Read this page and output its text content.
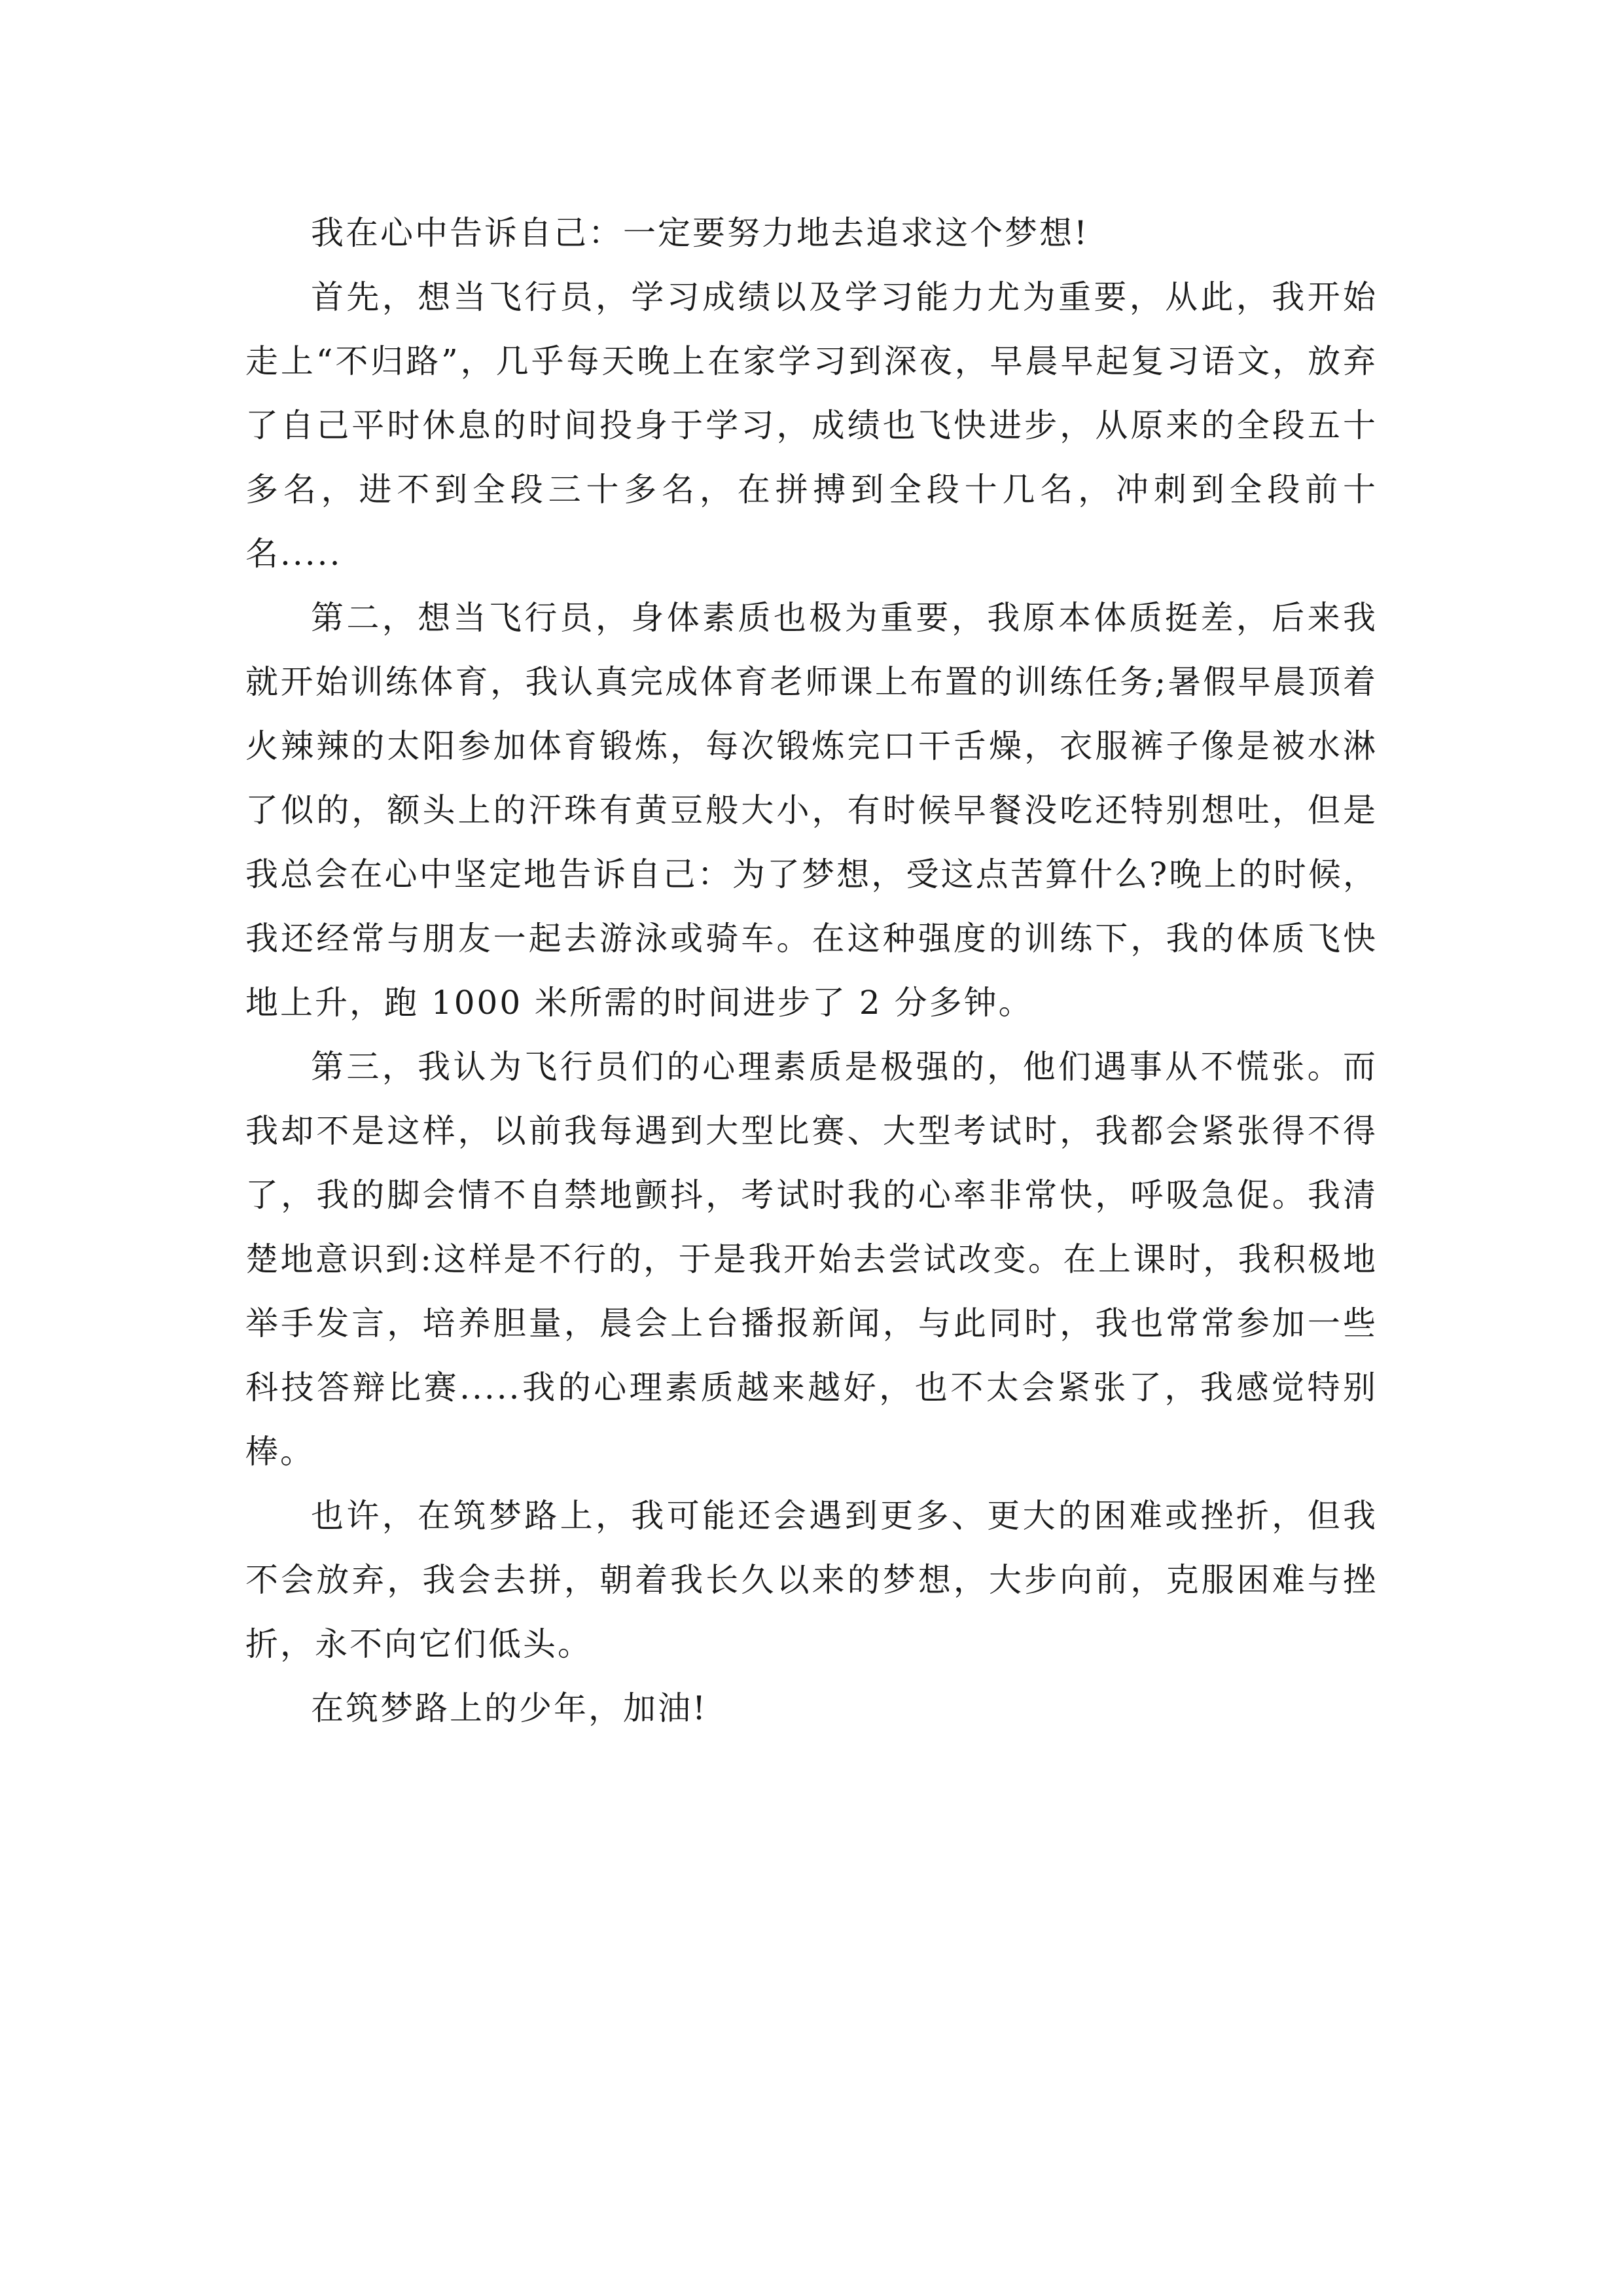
我在心中告诉自己：一定要努力地去追求这个梦想!

首先，想当飞行员，学习成绩以及学习能力尤为重要，从此，我开始走上“不归路”，几乎每天晚上在家学习到深夜，早晨早起复习语文，放弃了自己平时休息的时间投身于学习，成绩也飞快进步，从原来的全段五十多名，进不到全段三十多名，在拼搏到全段十几名，冲刺到全段前十名.....

第二，想当飞行员，身体素质也极为重要，我原本体质挺差，后来我就开始训练体育，我认真完成体育老师课上布置的训练任务;暑假早晨顶着火辣辣的太阳参加体育锻炼，每次锻炼完口干舌燥，衣服裤子像是被水淋了似的，额头上的汗珠有黄豆般大小，有时候早餐没吃还特别想吐，但是我总会在心中坚定地告诉自己：为了梦想，受这点苦算什么?晚上的时候，我还经常与朋友一起去游泳或骑车。在这种强度的训练下，我的体质飞快地上升，跑 1000 米所需的时间进步了 2 分多钟。

第三，我认为飞行员们的心理素质是极强的，他们遇事从不慌张。而我却不是这样，以前我每遇到大型比赛、大型考试时，我都会紧张得不得了，我的脚会情不自禁地颤抖，考试时我的心率非常快，呼吸急促。我清楚地意识到:这样是不行的，于是我开始去尝试改变。在上课时，我积极地举手发言，培养胆量，晨会上台播报新闻，与此同时，我也常常参加一些科技答辩比赛.....我的心理素质越来越好，也不太会紧张了，我感觉特别棒。

也许，在筑梦路上，我可能还会遇到更多、更大的困难或挫折，但我不会放弃，我会去拼，朝着我长久以来的梦想，大步向前，克服困难与挫折，永不向它们低头。

在筑梦路上的少年，加油!
